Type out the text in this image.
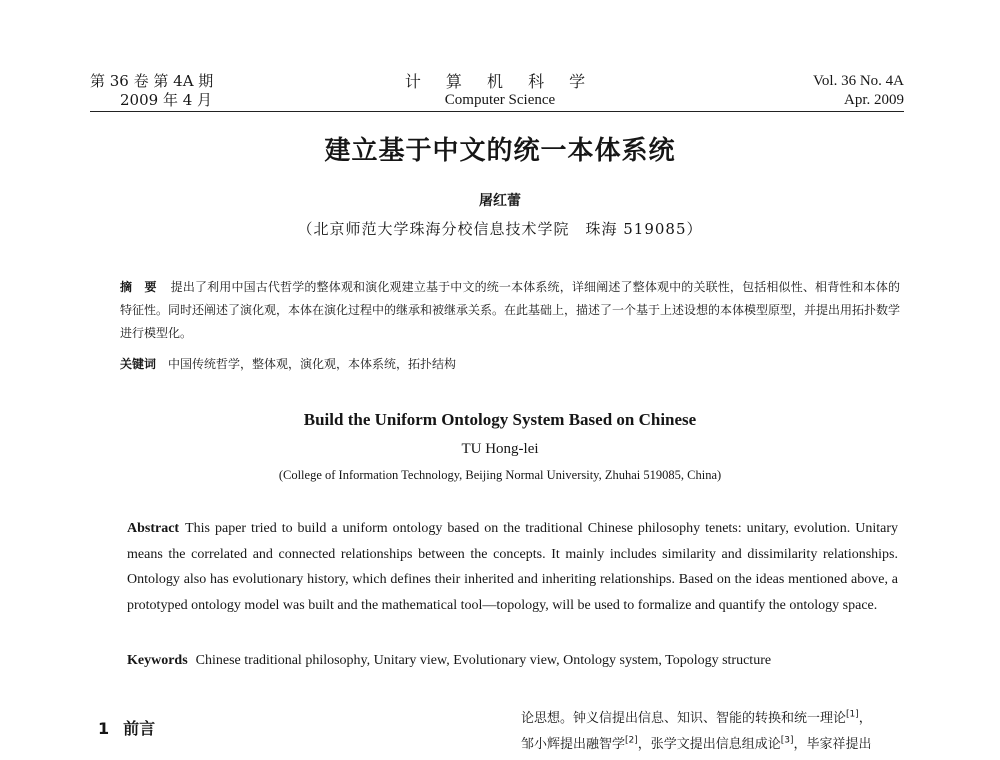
第 36 卷 第 4A 期
2009 年 4 月
计 算 机 科 学
Computer Science
Vol. 36 No. 4A
Apr. 2009
建立基于中文的统一本体系统
屠红蕾
（北京师范大学珠海分校信息技术学院　珠海 519085）
摘 要 提出了利用中国古代哲学的整体观和演化观建立基于中文的统一本体系统，详细阐述了整体观中的关联性，包括相似性、相背性和本体的特征性。同时还阐述了演化观，本体在演化过程中的继承和被继承关系。在此基础上，描述了一个基于上述设想的本体模型原型，并提出用拓扑数学进行模型化。
关键词 中国传统哲学，整体观，演化观，本体系统，拓扑结构
Build the Uniform Ontology System Based on Chinese
TU Hong-lei
(College of Information Technology, Beijing Normal University, Zhuhai 519085, China)
Abstract This paper tried to build a uniform ontology based on the traditional Chinese philosophy tenets: unitary, evolution. Unitary means the correlated and connected relationships between the concepts. It mainly includes similarity and dissimilarity relationships. Ontology also has evolutionary history, which defines their inherited and inheriting relationships. Based on the ideas mentioned above, a prototyped ontology model was built and the mathematical tool—topology, will be used to formalize and quantify the ontology space.
Keywords Chinese traditional philosophy, Unitary view, Evolutionary view, Ontology system, Topology structure
1 前言
论思想。钟义信提出信息、知识、智能的转换和统一理论[1]，
邹小辉提出融智学[2]，张学文提出信息组成论[3]，毕家祥提出
